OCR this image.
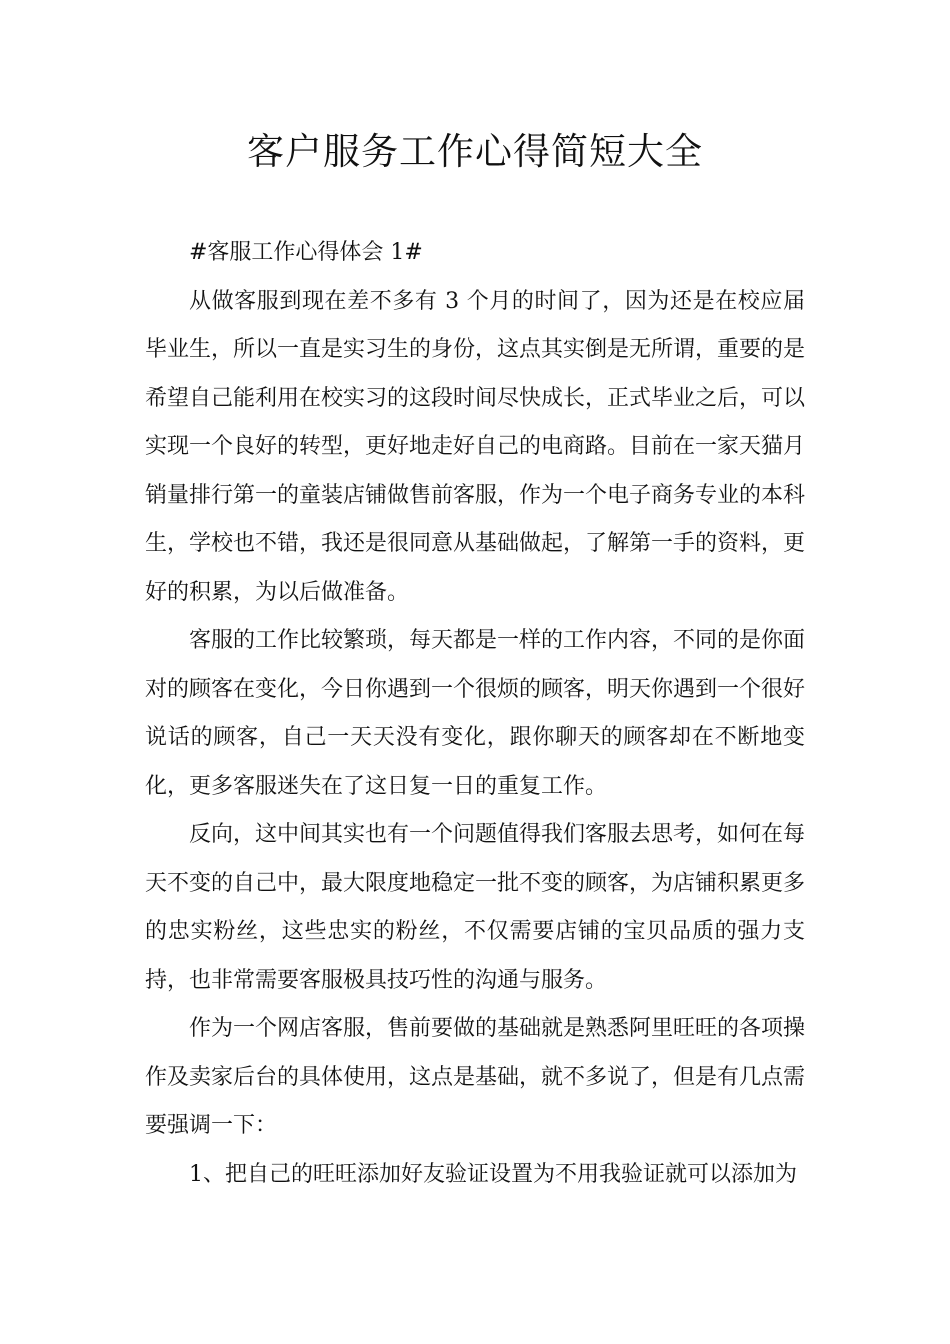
客户服务工作心得简短大全

#客服工作心得体会 1#

从做客服到现在差不多有 3 个月的时间了，因为还是在校应届毕业生，所以一直是实习生的身份，这点其实倒是无所谓，重要的是希望自己能利用在校实习的这段时间尽快成长，正式毕业之后，可以实现一个良好的转型，更好地走好自己的电商路。目前在一家天猫月销量排行第一的童装店铺做售前客服，作为一个电子商务专业的本科生，学校也不错，我还是很同意从基础做起，了解第一手的资料，更好的积累，为以后做准备。

客服的工作比较繁琐，每天都是一样的工作内容，不同的是你面对的顾客在变化，今日你遇到一个很烦的顾客，明天你遇到一个很好说话的顾客，自己一天天没有变化，跟你聊天的顾客却在不断地变化，更多客服迷失在了这日复一日的重复工作。

反向，这中间其实也有一个问题值得我们客服去思考，如何在每天不变的自己中，最大限度地稳定一批不变的顾客，为店铺积累更多的忠实粉丝，这些忠实的粉丝，不仅需要店铺的宝贝品质的强力支持，也非常需要客服极具技巧性的沟通与服务。

作为一个网店客服，售前要做的基础就是熟悉阿里旺旺的各项操作及卖家后台的具体使用，这点是基础，就不多说了，但是有几点需要强调一下：

1、把自己的旺旺添加好友验证设置为不用我验证就可以添加为
